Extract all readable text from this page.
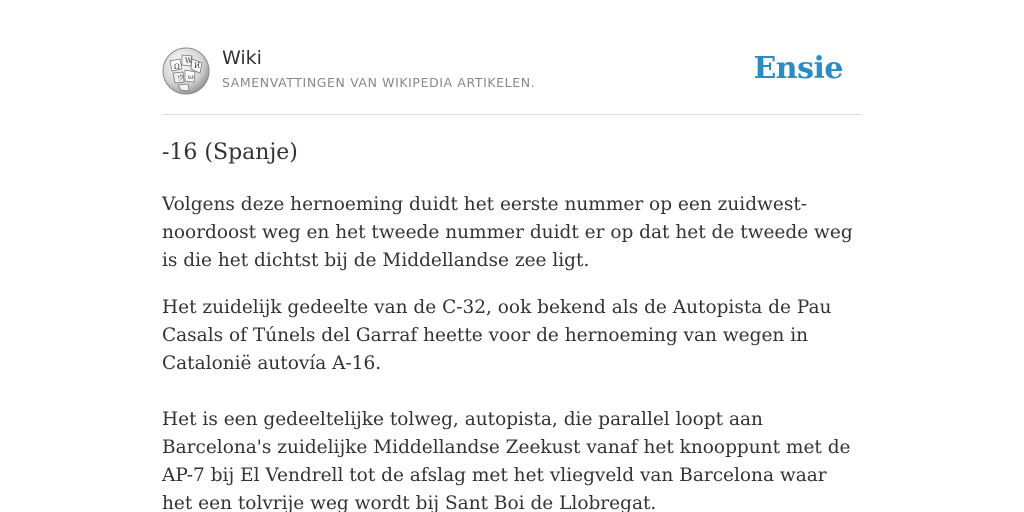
Ω
W
И
ウ ω
Wiki
SAMENVATTINGEN VAN WIKIPEDIA ARTIKELEN.	Ensie
-16 (Spanje)

Volgens deze hernoeming duidt het eerste nummer op een zuidwest-noordoost weg en het tweede nummer duidt er op dat het de tweede weg is die het dichtst bij de Middellandse zee ligt.

Het zuidelijk gedeelte van de C-32, ook bekend als de Autopista de Pau Casals of Túnels del Garraf heette voor de hernoeming van wegen in Catalonië autovía A-16.

Het is een gedeeltelijke tolweg, autopista, die parallel loopt aan Barcelona's zuidelijke Middellandse Zeekust vanaf het knooppunt met de AP-7 bij El Vendrell tot de afslag met het vliegveld van Barcelona waar het een tolvrije weg wordt bij Sant Boi de Llobregat.
